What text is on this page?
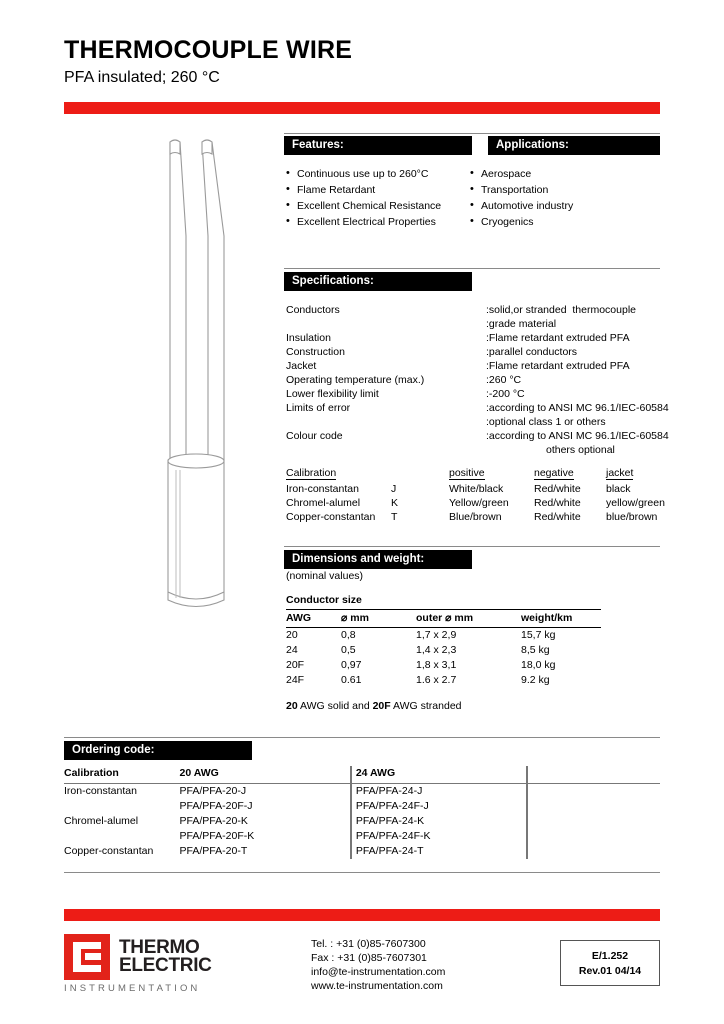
THERMOCOUPLE WIRE
PFA insulated; 260 °C
Features:
• Continuous use up to 260°C
• Flame Retardant
• Excellent Chemical Resistance
• Excellent Electrical Properties
Applications:
• Aerospace
• Transportation
• Automotive industry
• Cryogenics
Specifications:
Conductors	:solid,or stranded  thermocouple
:grade material
Insulation	:Flame retardant extruded PFA
Construction	:parallel conductors
Jacket	:Flame retardant extruded PFA
Operating temperature (max.)	:260 °C
Lower flexibility limit	:-200 °C
Limits of error	:according to ANSI MC 96.1/IEC-60584
:optional class 1 or others
Colour code	:according to ANSI MC 96.1/IEC-60584
others optional
Calibration		positive	negative	jacket
Iron-constantan	J	White/black	Red/white	black
Chromel-alumel	K	Yellow/green	Red/white	yellow/green
Copper-constantan	T	Blue/brown	Red/white	blue/brown
Dimensions and weight:
(nominal values)
Conductor size
AWG	⌀ mm	outer ⌀ mm	weight/km
20	0,8	1,7 x 2,9	15,7 kg
24	0,5	1,4 x 2,3	8,5 kg
20F	0,97	1,8 x 3,1	18,0 kg
24F	0.61	1.6 x 2.7	9.2 kg
20 AWG solid and 20F AWG stranded
Ordering code:
Calibration	20 AWG	24 AWG	
Iron-constantan	PFA/PFA-20-J	PFA/PFA-24-J	
	PFA/PFA-20F-J	PFA/PFA-24F-J	
Chromel-alumel	PFA/PFA-20-K	PFA/PFA-24-K	
	PFA/PFA-20F-K	PFA/PFA-24F-K	
Copper-constantan	PFA/PFA-20-T	PFA/PFA-24-T	
THERMO
ELECTRIC
INSTRUMENTATION
Tel. : +31 (0)85-7607300
Fax : +31 (0)85-7607301
info@te-instrumentation.com
www.te-instrumentation.com
E/1.252
Rev.01 04/14
